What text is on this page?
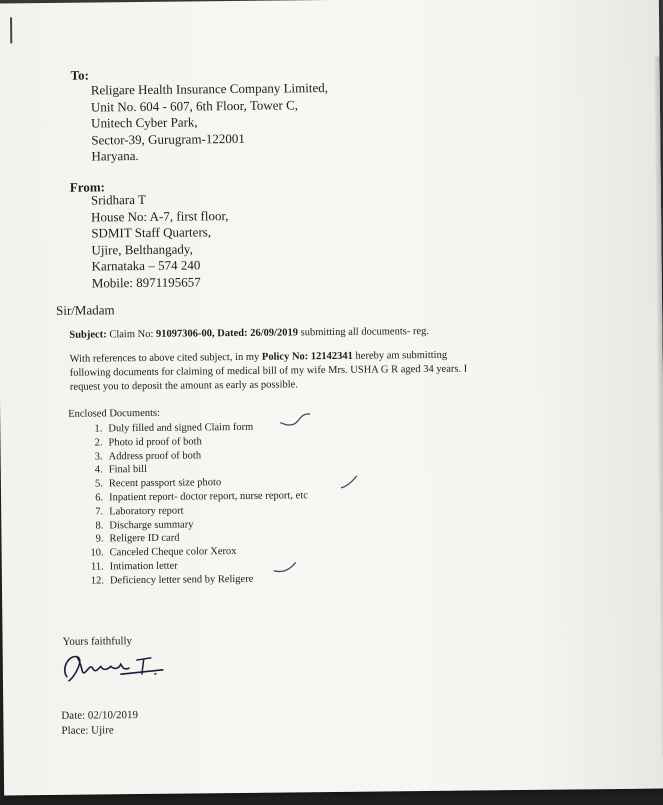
To:
Religare Health Insurance Company Limited,
Unit No. 604 - 607, 6th Floor, Tower C,
Unitech Cyber Park,
Sector-39, Gurugram-122001
Haryana.
From:
Sridhara T
House No: A-7, first floor,
SDMIT Staff Quarters,
Ujire, Belthangady,
Karnataka – 574 240
Mobile: 8971195657
Sir/Madam
Subject: Claim No: 91097306-00, Dated: 26/09/2019 submitting all documents- reg.
With references to above cited subject, in my Policy No: 12142341 hereby am submitting
following documents for claiming of medical bill of my wife Mrs. USHA G R aged 34 years. I
request you to deposit the amount as early as possible.
Enclosed Documents:
1. Duly filled and signed Claim form
2. Photo id proof of both
3. Address proof of both
4. Final bill
5. Recent passport size photo
6. Inpatient report- doctor report, nurse report, etc
7. Laboratory report
8. Discharge summary
9. Religere ID card
10. Canceled Cheque color Xerox
11. Intimation letter
12. Deficiency letter send by Religere
Yours faithfully
Date: 02/10/2019
Place: Ujire
